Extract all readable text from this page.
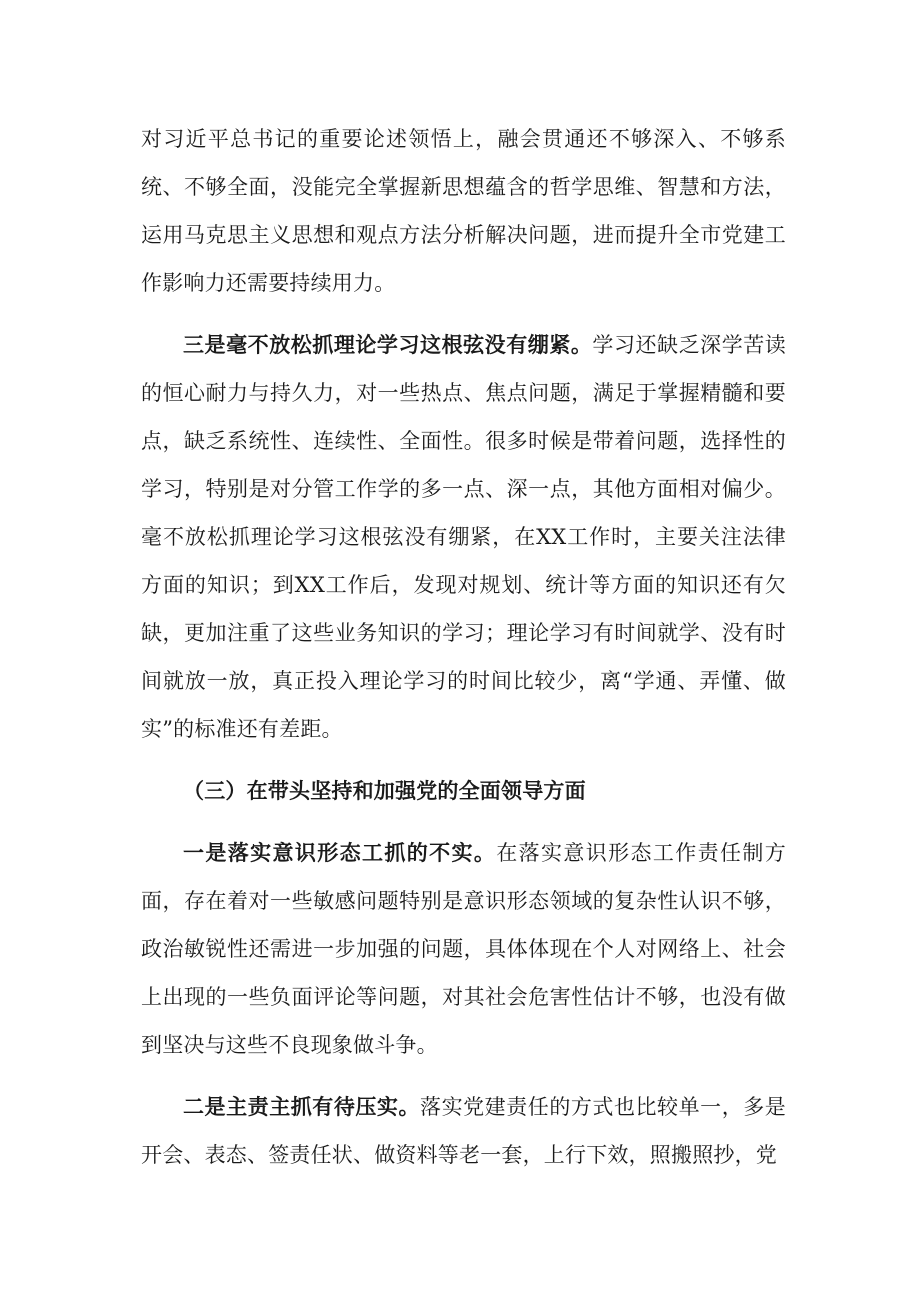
对习近平总书记的重要论述领悟上，融会贯通还不够深入、不够系统、不够全面，没能完全掌握新思想蕴含的哲学思维、智慧和方法，运用马克思主义思想和观点方法分析解决问题，进而提升全市党建工作影响力还需要持续用力。

三是毫不放松抓理论学习这根弦没有绷紧。学习还缺乏深学苦读的恒心耐力与持久力，对一些热点、焦点问题，满足于掌握精髓和要点，缺乏系统性、连续性、全面性。很多时候是带着问题，选择性的学习，特别是对分管工作学的多一点、深一点，其他方面相对偏少。毫不放松抓理论学习这根弦没有绷紧，在XX工作时，主要关注法律方面的知识；到XX工作后，发现对规划、统计等方面的知识还有欠缺，更加注重了这些业务知识的学习；理论学习有时间就学、没有时间就放一放，真正投入理论学习的时间比较少，离“学通、弄懂、做实”的标准还有差距。

（三）在带头坚持和加强党的全面领导方面

一是落实意识形态工抓的不实。在落实意识形态工作责任制方面，存在着对一些敏感问题特别是意识形态领域的复杂性认识不够，政治敏锐性还需进一步加强的问题，具体体现在个人对网络上、社会上出现的一些负面评论等问题，对其社会危害性估计不够，也没有做到坚决与这些不良现象做斗争。

二是主责主抓有待压实。落实党建责任的方式也比较单一，多是开会、表态、签责任状、做资料等老一套，上行下效，照搬照抄，党
